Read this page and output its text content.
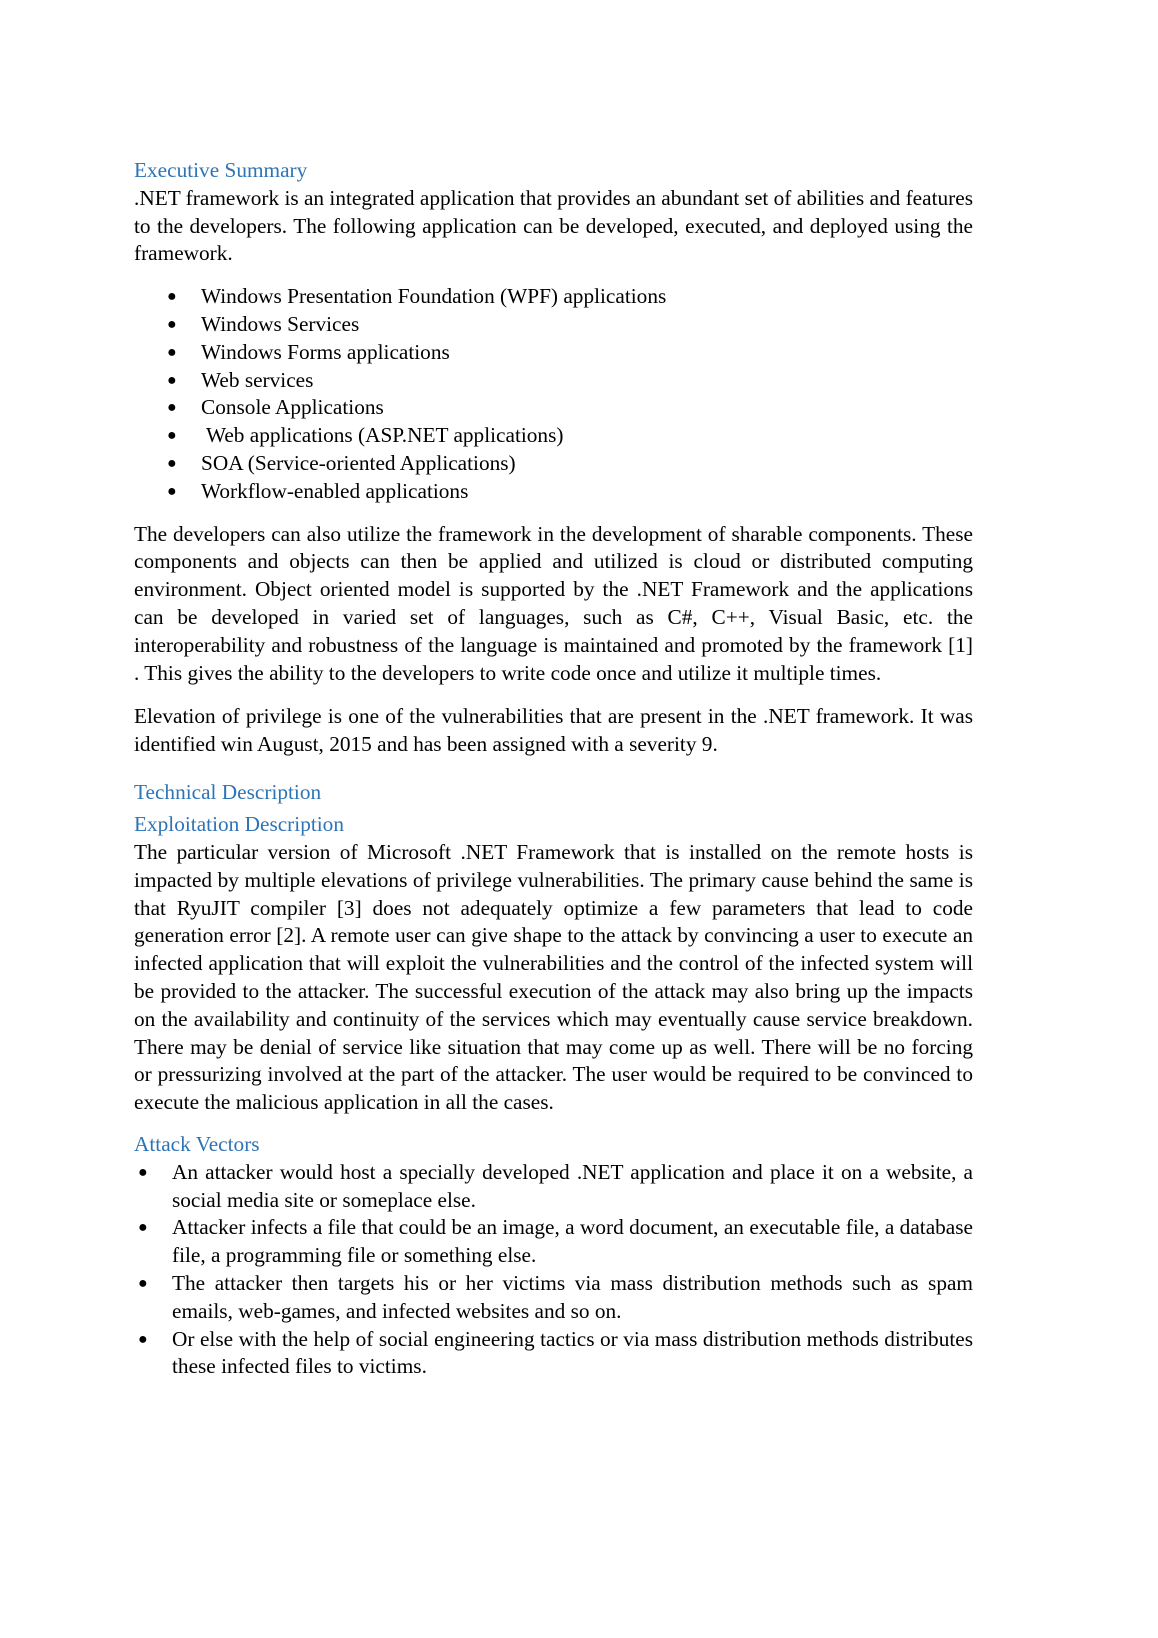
Executive Summary

.NET framework is an integrated application that provides an abundant set of abilities and features to the developers. The following application can be developed, executed, and deployed using the framework.

● Windows Presentation Foundation (WPF) applications
● Windows Services
● Windows Forms applications
● Web services
● Console Applications
● Web applications (ASP.NET applications)
● SOA (Service-oriented Applications)
● Workflow-enabled applications

The developers can also utilize the framework in the development of sharable components. These components and objects can then be applied and utilized is cloud or distributed computing environment. Object oriented model is supported by the .NET Framework and the applications can be developed in varied set of languages, such as C#, C++, Visual Basic, etc. the interoperability and robustness of the language is maintained and promoted by the framework [1] . This gives the ability to the developers to write code once and utilize it multiple times.

Elevation of privilege is one of the vulnerabilities that are present in the .NET framework. It was identified win August, 2015 and has been assigned with a severity 9.

Technical Description
Exploitation Description

The particular version of Microsoft .NET Framework that is installed on the remote hosts is impacted by multiple elevations of privilege vulnerabilities. The primary cause behind the same is that RyuJIT compiler [3] does not adequately optimize a few parameters that lead to code generation error [2]. A remote user can give shape to the attack by convincing a user to execute an infected application that will exploit the vulnerabilities and the control of the infected system will be provided to the attacker. The successful execution of the attack may also bring up the impacts on the availability and continuity of the services which may eventually cause service breakdown. There may be denial of service like situation that may come up as well. There will be no forcing or pressurizing involved at the part of the attacker. The user would be required to be convinced to execute the malicious application in all the cases.

Attack Vectors
● An attacker would host a specially developed .NET application and place it on a website, a social media site or someplace else.
● Attacker infects a file that could be an image, a word document, an executable file, a database file, a programming file or something else.
● The attacker then targets his or her victims via mass distribution methods such as spam emails, web-games, and infected websites and so on.
● Or else with the help of social engineering tactics or via mass distribution methods distributes these infected files to victims.
